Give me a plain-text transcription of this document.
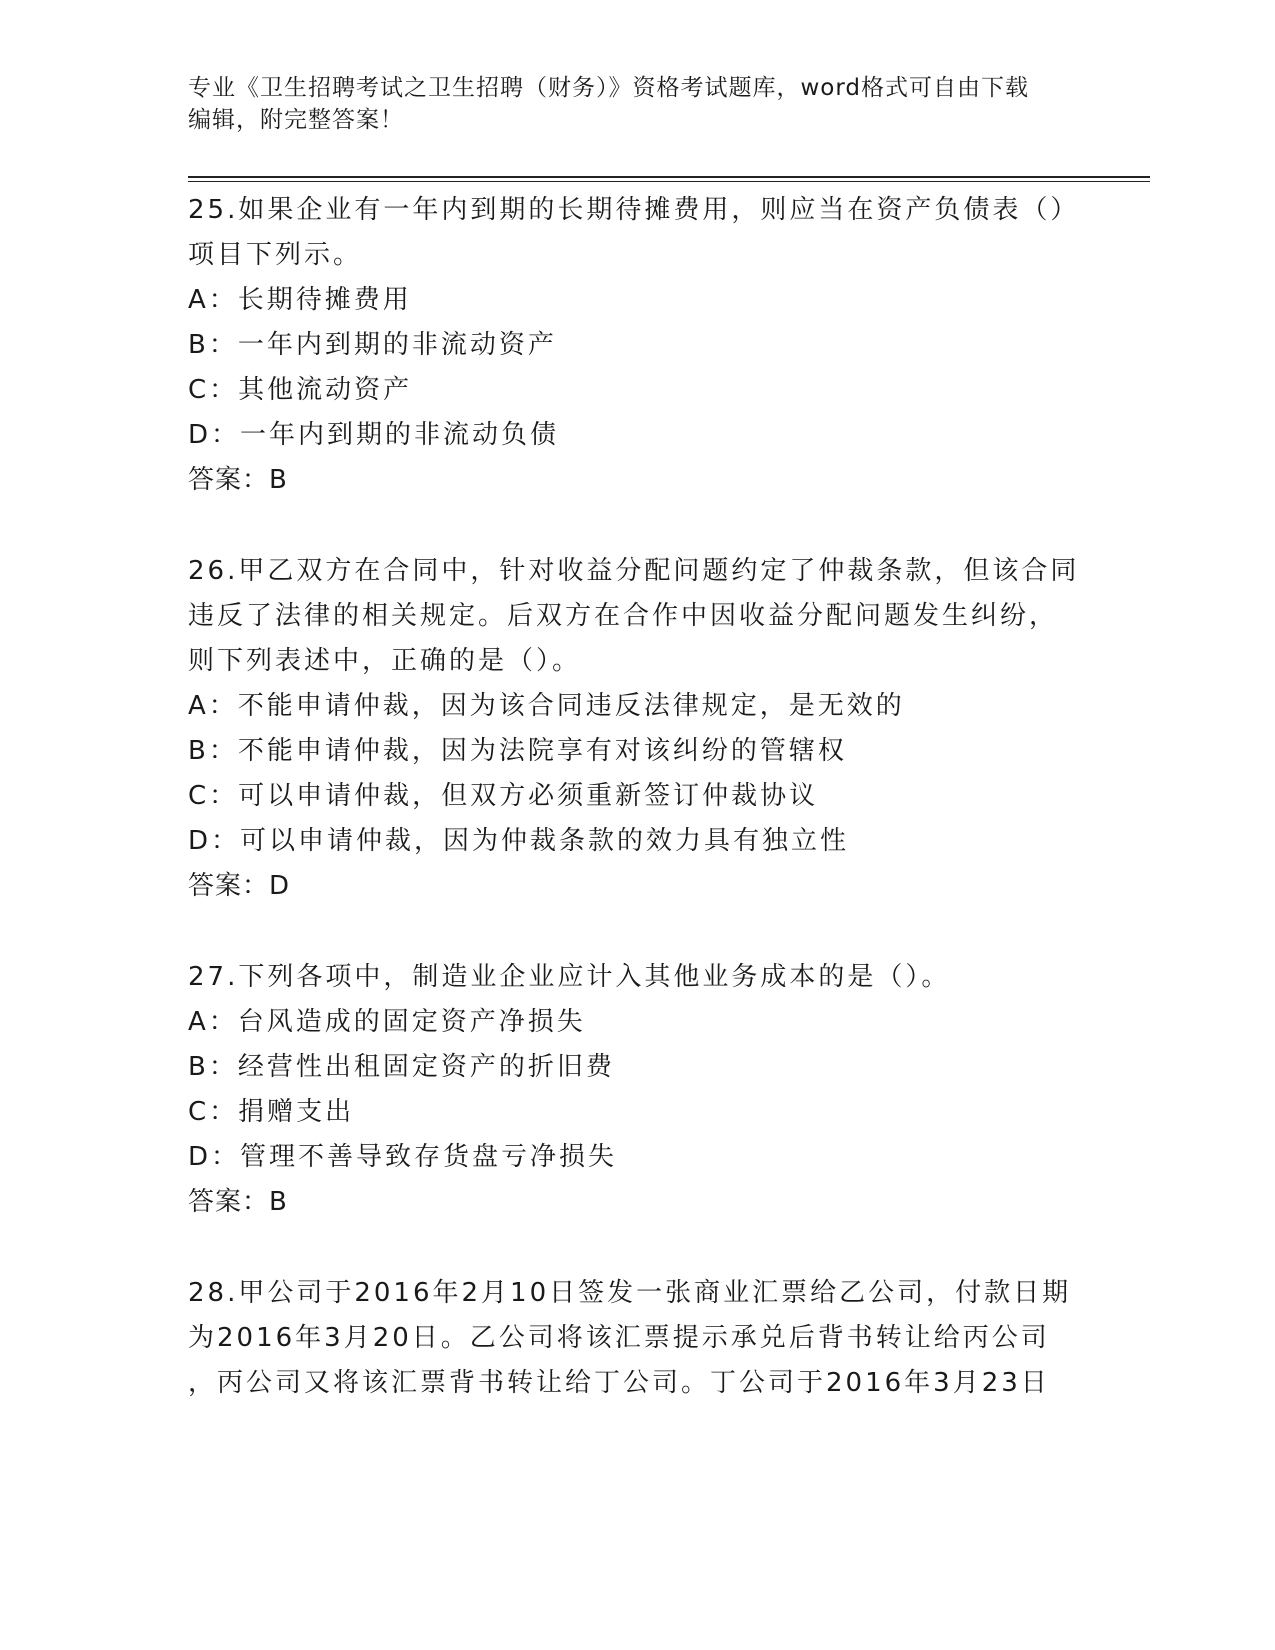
专业《卫生招聘考试之卫生招聘（财务）》资格考试题库，word格式可自由下载
编辑，附完整答案！

25.如果企业有一年内到期的长期待摊费用，则应当在资产负债表（）

项目下列示。

A：长期待摊费用

B：一年内到期的非流动资产

C：其他流动资产

D：一年内到期的非流动负债

答案：B

26.甲乙双方在合同中，针对收益分配问题约定了仲裁条款，但该合同

违反了法律的相关规定。后双方在合作中因收益分配问题发生纠纷，

则下列表述中，正确的是（）。

A：不能申请仲裁，因为该合同违反法律规定，是无效的

B：不能申请仲裁，因为法院享有对该纠纷的管辖权

C：可以申请仲裁，但双方必须重新签订仲裁协议

D：可以申请仲裁，因为仲裁条款的效力具有独立性

答案：D

27.下列各项中，制造业企业应计入其他业务成本的是（）。

A：台风造成的固定资产净损失

B：经营性出租固定资产的折旧费

C：捐赠支出

D：管理不善导致存货盘亏净损失

答案：B

28.甲公司于2016年2月10日签发一张商业汇票给乙公司，付款日期

为2016年3月20日。乙公司将该汇票提示承兑后背书转让给丙公司

，丙公司又将该汇票背书转让给丁公司。丁公司于2016年3月23日
